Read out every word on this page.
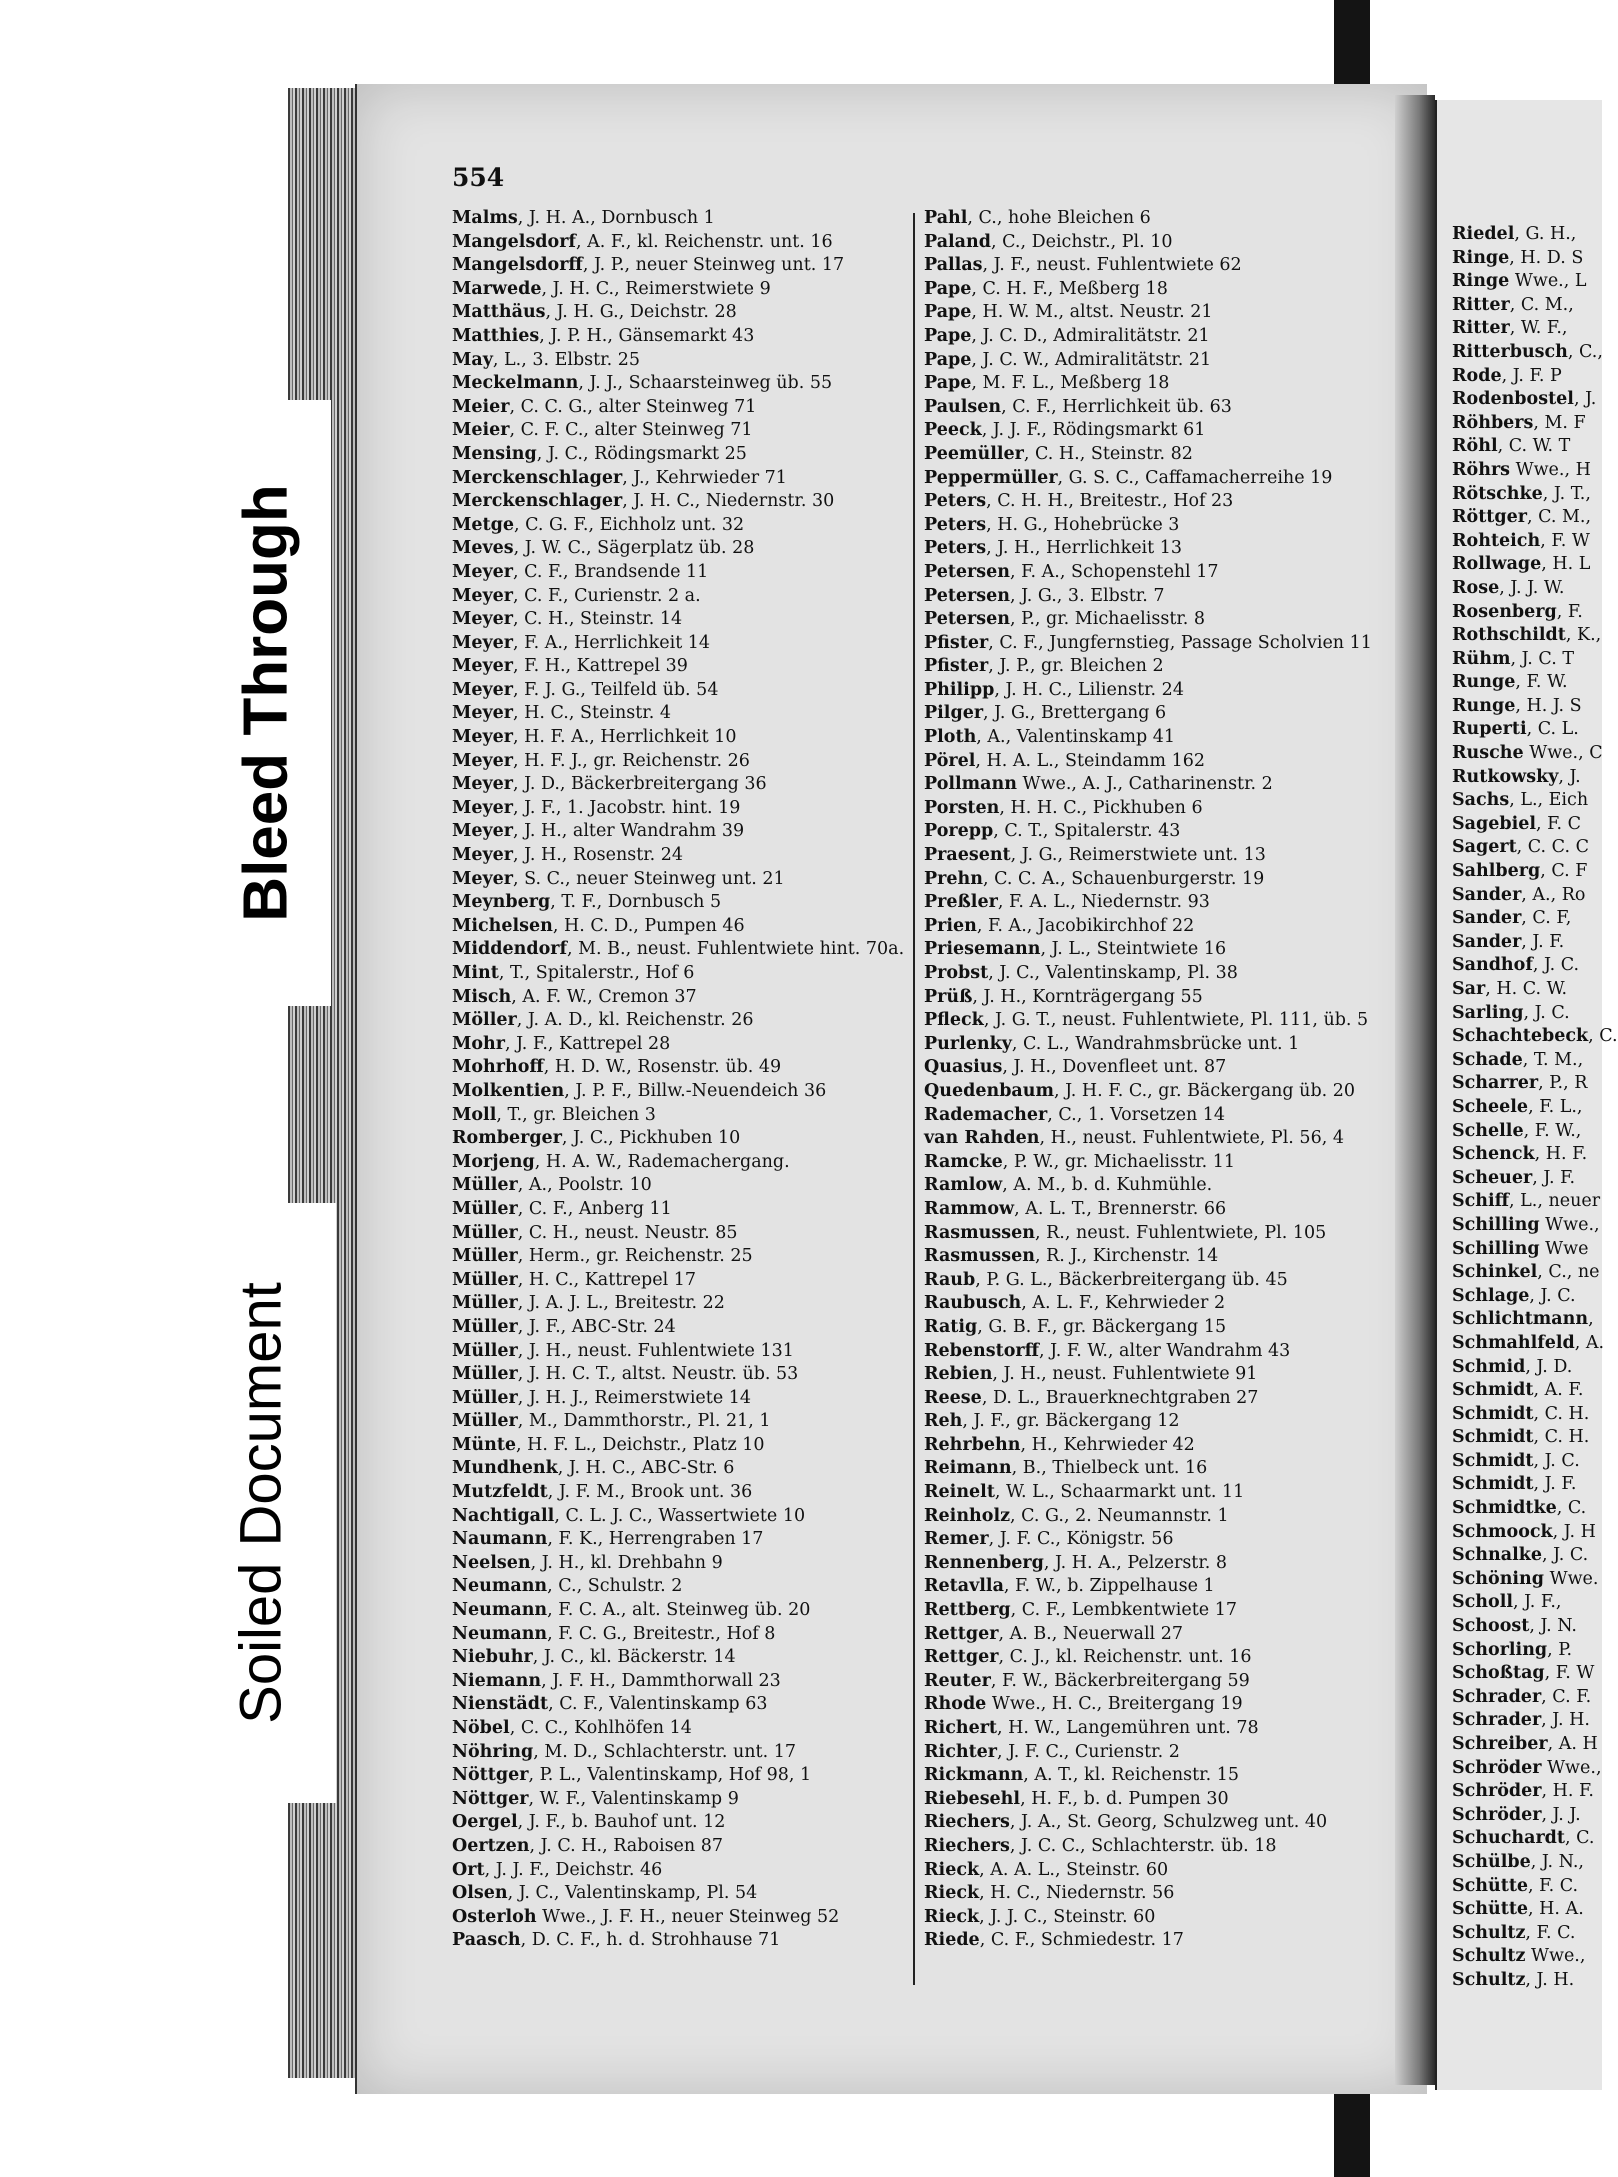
554
Malms, J. H. A., Dornbusch 1
Mangelsdorf, A. F., kl. Reichenstr. unt. 16
Mangelsdorff, J. P., neuer Steinweg unt. 17
Marwede, J. H. C., Reimerstwiete 9
Matthäus, J. H. G., Deichstr. 28
Matthies, J. P. H., Gänsemarkt 43
May, L., 3. Elbstr. 25
Meckelmann, J. J., Schaarsteinweg üb. 55
Meier, C. C. G., alter Steinweg 71
Meier, C. F. C., alter Steinweg 71
Mensing, J. C., Rödingsmarkt 25
Merckenschlager, J., Kehrwieder 71
Merckenschlager, J. H. C., Niedernstr. 30
Metge, C. G. F., Eichholz unt. 32
Meves, J. W. C., Sägerplatz üb. 28
Meyer, C. F., Brandsende 11
Meyer, C. F., Curienstr. 2 a.
Meyer, C. H., Steinstr. 14
Meyer, F. A., Herrlichkeit 14
Meyer, F. H., Kattrepel 39
Meyer, F. J. G., Teilfeld üb. 54
Meyer, H. C., Steinstr. 4
Meyer, H. F. A., Herrlichkeit 10
Meyer, H. F. J., gr. Reichenstr. 26
Meyer, J. D., Bäckerbreitergang 36
Meyer, J. F., 1. Jacobstr. hint. 19
Meyer, J. H., alter Wandrahm 39
Meyer, J. H., Rosenstr. 24
Meyer, S. C., neuer Steinweg unt. 21
Meynberg, T. F., Dornbusch 5
Michelsen, H. C. D., Pumpen 46
Middendorf, M. B., neust. Fuhlentwiete hint. 70a.
Mint, T., Spitalerstr., Hof 6
Misch, A. F. W., Cremon 37
Möller, J. A. D., kl. Reichenstr. 26
Mohr, J. F., Kattrepel 28
Mohrhoff, H. D. W., Rosenstr. üb. 49
Molkentien, J. P. F., Billw.-Neuendeich 36
Moll, T., gr. Bleichen 3
Romberger, J. C., Pickhuben 10
Morjeng, H. A. W., Rademachergang.
Müller, A., Poolstr. 10
Müller, C. F., Anberg 11
Müller, C. H., neust. Neustr. 85
Müller, Herm., gr. Reichenstr. 25
Müller, H. C., Kattrepel 17
Müller, J. A. J. L., Breitestr. 22
Müller, J. F., ABC-Str. 24
Müller, J. H., neust. Fuhlentwiete 131
Müller, J. H. C. T., altst. Neustr. üb. 53
Müller, J. H. J., Reimerstwiete 14
Müller, M., Dammthorstr., Pl. 21, 1
Münte, H. F. L., Deichstr., Platz 10
Mundhenk, J. H. C., ABC-Str. 6
Mutzfeldt, J. F. M., Brook unt. 36
Nachtigall, C. L. J. C., Wassertwiete 10
Naumann, F. K., Herrengraben 17
Neelsen, J. H., kl. Drehbahn 9
Neumann, C., Schulstr. 2
Neumann, F. C. A., alt. Steinweg üb. 20
Neumann, F. C. G., Breitestr., Hof 8
Niebuhr, J. C., kl. Bäckerstr. 14
Niemann, J. F. H., Dammthorwall 23
Nienstädt, C. F., Valentinskamp 63
Nöbel, C. C., Kohlhöfen 14
Nöhring, M. D., Schlachterstr. unt. 17
Nöttger, P. L., Valentinskamp, Hof 98, 1
Nöttger, W. F., Valentinskamp 9
Oergel, J. F., b. Bauhof unt. 12
Oertzen, J. C. H., Raboisen 87
Ort, J. J. F., Deichstr. 46
Olsen, J. C., Valentinskamp, Pl. 54
Osterloh Wwe., J. F. H., neuer Steinweg 52
Paasch, D. C. F., h. d. Strohhause 71
Pahl, C., hohe Bleichen 6
Paland, C., Deichstr., Pl. 10
Pallas, J. F., neust. Fuhlentwiete 62
Pape, C. H. F., Meßberg 18
Pape, H. W. M., altst. Neustr. 21
Pape, J. C. D., Admiralitätstr. 21
Pape, J. C. W., Admiralitätstr. 21
Pape, M. F. L., Meßberg 18
Paulsen, C. F., Herrlichkeit üb. 63
Peeck, J. J. F., Rödingsmarkt 61
Peemüller, C. H., Steinstr. 82
Peppermüller, G. S. C., Caffamacherreihe 19
Peters, C. H. H., Breitestr., Hof 23
Peters, H. G., Hohebrücke 3
Peters, J. H., Herrlichkeit 13
Petersen, F. A., Schopenstehl 17
Petersen, J. G., 3. Elbstr. 7
Petersen, P., gr. Michaelisstr. 8
Pfister, C. F., Jungfernstieg, Passage Scholvien 11
Pfister, J. P., gr. Bleichen 2
Philipp, J. H. C., Lilienstr. 24
Pilger, J. G., Brettergang 6
Ploth, A., Valentinskamp 41
Pörel, H. A. L., Steindamm 162
Pollmann Wwe., A. J., Catharinenstr. 2
Porsten, H. H. C., Pickhuben 6
Porepp, C. T., Spitalerstr. 43
Praesent, J. G., Reimerstwiete unt. 13
Prehn, C. C. A., Schauenburgerstr. 19
Preßler, F. A. L., Niedernstr. 93
Prien, F. A., Jacobikirchhof 22
Priesemann, J. L., Steintwiete 16
Probst, J. C., Valentinskamp, Pl. 38
Prüß, J. H., Kornträgergang 55
Pfleck, J. G. T., neust. Fuhlentwiete, Pl. 111, üb. 5
Purlenky, C. L., Wandrahmsbrücke unt. 1
Quasius, J. H., Dovenfleet unt. 87
Quedenbaum, J. H. F. C., gr. Bäckergang üb. 20
Rademacher, C., 1. Vorsetzen 14
van Rahden, H., neust. Fuhlentwiete, Pl. 56, 4
Ramcke, P. W., gr. Michaelisstr. 11
Ramlow, A. M., b. d. Kuhmühle.
Rammow, A. L. T., Brennerstr. 66
Rasmussen, R., neust. Fuhlentwiete, Pl. 105
Rasmussen, R. J., Kirchenstr. 14
Raub, P. G. L., Bäckerbreitergang üb. 45
Raubusch, A. L. F., Kehrwieder 2
Ratig, G. B. F., gr. Bäckergang 15
Rebenstorff, J. F. W., alter Wandrahm 43
Rebien, J. H., neust. Fuhlentwiete 91
Reese, D. L., Brauerknechtgraben 27
Reh, J. F., gr. Bäckergang 12
Rehrbehn, H., Kehrwieder 42
Reimann, B., Thielbeck unt. 16
Reinelt, W. L., Schaarmarkt unt. 11
Reinholz, C. G., 2. Neumannstr. 1
Remer, J. F. C., Königstr. 56
Rennenberg, J. H. A., Pelzerstr. 8
Retavlla, F. W., b. Zippelhause 1
Rettberg, C. F., Lembkentwiete 17
Rettger, A. B., Neuerwall 27
Rettger, C. J., kl. Reichenstr. unt. 16
Reuter, F. W., Bäckerbreitergang 59
Rhode Wwe., H. C., Breitergang 19
Richert, H. W., Langemühren unt. 78
Richter, J. F. C., Curienstr. 2
Rickmann, A. T., kl. Reichenstr. 15
Riebesehl, H. F., b. d. Pumpen 30
Riechers, J. A., St. Georg, Schulzweg unt. 40
Riechers, J. C. C., Schlachterstr. üb. 18
Rieck, A. A. L., Steinstr. 60
Rieck, H. C., Niedernstr. 56
Rieck, J. J. C., Steinstr. 60
Riede, C. F., Schmiedestr. 17
Riedel, G. H.,
Ringe, H. D. S
Ringe Wwe., L
Ritter, C. M.,
Ritter, W. F.,
Ritterbusch, C.,
Rode, J. F. P
Rodenbostel, J.
Röhbers, M. F
Röhl, C. W. T
Röhrs Wwe., H
Rötschke, J. T.,
Röttger, C. M.,
Rohteich, F. W
Rollwage, H. L
Rose, J. J. W.
Rosenberg, F.
Rothschildt, K.,
Rühm, J. C. T
Runge, F. W.
Runge, H. J. S
Ruperti, C. L.
Rusche Wwe., C
Rutkowsky, J.
Sachs, L., Eich
Sagebiel, F. C
Sagert, C. C. C
Sahlberg, C. F
Sander, A., Ro
Sander, C. F,
Sander, J. F.
Sandhof, J. C.
Sar, H. C. W.
Sarling, J. C.
Schachtebeck, C.
Schade, T. M.,
Scharrer, P., R
Scheele, F. L.,
Schelle, F. W.,
Schenck, H. F.
Scheuer, J. F.
Schiff, L., neuer
Schilling Wwe.,
Schilling Wwe
Schinkel, C., ne
Schlage, J. C.
Schlichtmann,
Schmahlfeld, A.
Schmid, J. D.
Schmidt, A. F.
Schmidt, C. H.
Schmidt, C. H.
Schmidt, J. C.
Schmidt, J. F.
Schmidtke, C.
Schmoock, J. H
Schnalke, J. C.
Schöning Wwe.
Scholl, J. F.,
Schoost, J. N.
Schorling, P.
Schoßtag, F. W
Schrader, C. F.
Schrader, J. H.
Schreiber, A. H
Schröder Wwe.,
Schröder, H. F.
Schröder, J. J.
Schuchardt, C.
Schülbe, J. N.,
Schütte, F. C.
Schütte, H. A.
Schultz, F. C.
Schultz Wwe.,
Schultz, J. H.
Bleed Through
Soiled Document
